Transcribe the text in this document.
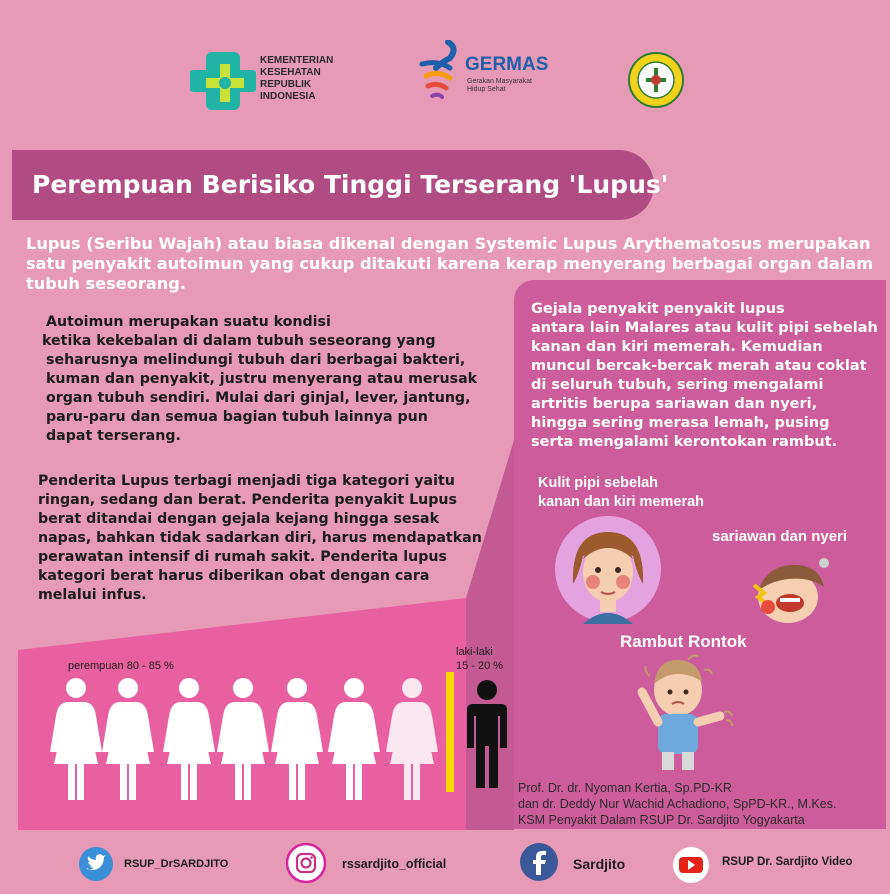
KEMENTERIAN
KESEHATAN
REPUBLIK
INDONESIA
GERMAS
Gerakan Masyarakat
Hidup Sehat
Perempuan Berisiko Tinggi Terserang 'Lupus'
Lupus (Seribu Wajah) atau biasa dikenal dengan Systemic Lupus Arythematosus merupakan
satu penyakit autoimun yang cukup ditakuti karena kerap menyerang berbagai organ dalam
tubuh seseorang.
Autoimun merupakan suatu kondisi
ketika kekebalan di dalam tubuh seseorang yang
seharusnya melindungi tubuh dari berbagai bakteri,
kuman dan penyakit, justru menyerang atau merusak
organ tubuh sendiri. Mulai dari ginjal, lever, jantung,
paru-paru dan semua bagian tubuh lainnya pun
dapat terserang.
Penderita Lupus terbagi menjadi tiga kategori yaitu
ringan, sedang dan berat. Penderita penyakit Lupus
berat ditandai dengan gejala kejang hingga sesak
napas, bahkan tidak sadarkan diri, harus mendapatkan
perawatan intensif di rumah sakit. Penderita lupus
kategori berat harus diberikan obat dengan cara
melalui infus.
Gejala penyakit penyakit lupus
antara lain Malares atau kulit pipi sebelah
kanan dan kiri memerah. Kemudian
muncul bercak-bercak merah atau coklat
di seluruh tubuh, sering mengalami
artritis berupa sariawan dan nyeri,
hingga sering merasa lemah, pusing
serta mengalami kerontokan rambut.
Kulit pipi sebelah
kanan dan kiri memerah
sariawan dan nyeri
Rambut Rontok
Prof. Dr. dr. Nyoman Kertia, Sp.PD-KR
dan dr. Deddy Nur Wachid Achadiono, SpPD-KR., M.Kes.
KSM Penyakit Dalam RSUP Dr. Sardjito Yogyakarta
perempuan 80 - 85 %
laki-laki
15 - 20 %
RSUP_DrSARDJITO	rssardjito_official	Sardjito	RSUP Dr. Sardjito Video
